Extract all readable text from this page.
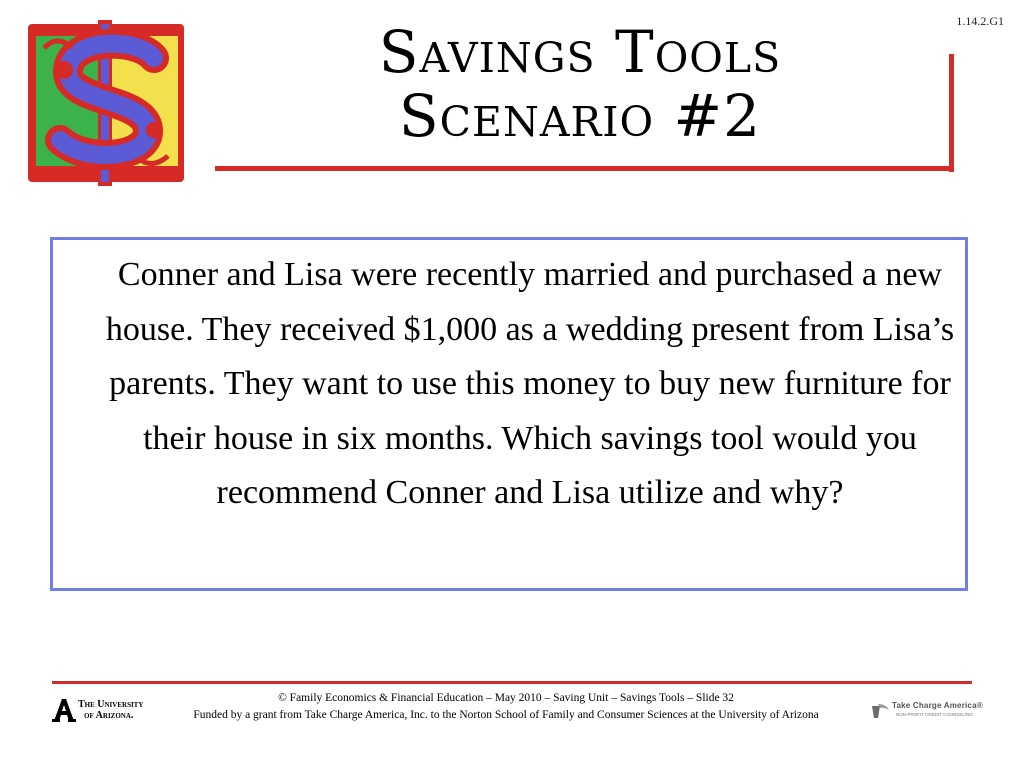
1.14.2.G1
Savings Tools
Scenario #2

Conner and Lisa were recently married and purchased a new house. They received $1,000 as a wedding present from Lisa’s parents. They want to use this money to buy new furniture for their house in six months. Which savings tool would you recommend Conner and Lisa utilize and why?

The University
of Arizona.
© Family Economics & Financial Education – May 2010 – Saving Unit – Savings Tools – Slide 32
Funded by a grant from Take Charge America, Inc. to the Norton School of Family and Consumer Sciences at the University of Arizona
Take Charge America®
NON-PROFIT CREDIT COUNSELING
